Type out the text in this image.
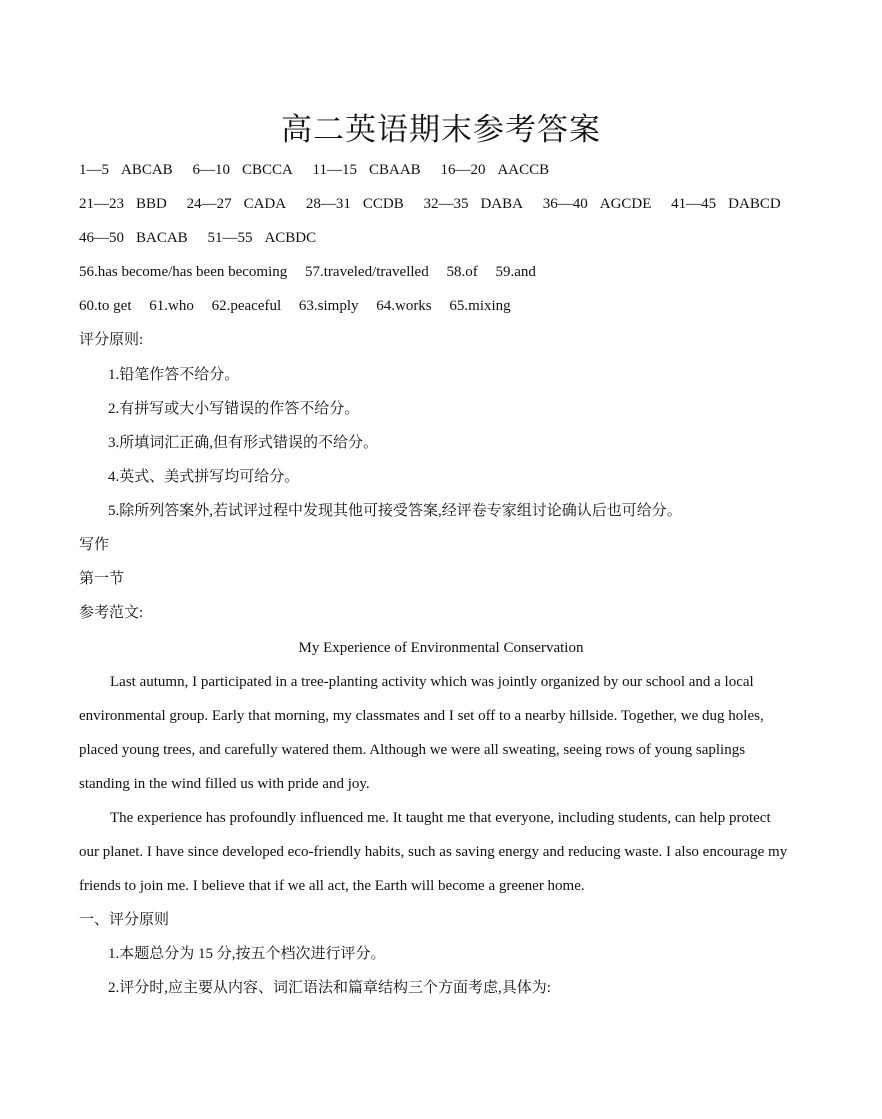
高二英语期末参考答案
1—5 ABCAB 6—10 CBCCA 11—15 CBAAB 16—20 AACCB
21—23 BBD 24—27 CADA 28—31 CCDB 32—35 DABA 36—40 AGCDE 41—45 DABCD
46—50 BACAB 51—55 ACBDC
56.has become/has been becoming 57.traveled/travelled 58.of 59.and
60.to get 61.who 62.peaceful 63.simply 64.works 65.mixing
评分原则:
1.铅笔作答不给分。
2.有拼写或大小写错误的作答不给分。
3.所填词汇正确,但有形式错误的不给分。
4.英式、美式拼写均可给分。
5.除所列答案外,若试评过程中发现其他可接受答案,经评卷专家组讨论确认后也可给分。
写作
第一节
参考范文:
My Experience of Environmental Conservation
Last autumn, I participated in a tree-planting activity which was jointly organized by our school and a local
environmental group. Early that morning, my classmates and I set off to a nearby hillside. Together, we dug holes,
placed young trees, and carefully watered them. Although we were all sweating, seeing rows of young saplings
standing in the wind filled us with pride and joy.
The experience has profoundly influenced me. It taught me that everyone, including students, can help protect
our planet. I have since developed eco-friendly habits, such as saving energy and reducing waste. I also encourage my
friends to join me. I believe that if we all act, the Earth will become a greener home.
一、评分原则
1.本题总分为 15 分,按五个档次进行评分。
2.评分时,应主要从内容、词汇语法和篇章结构三个方面考虑,具体为:
